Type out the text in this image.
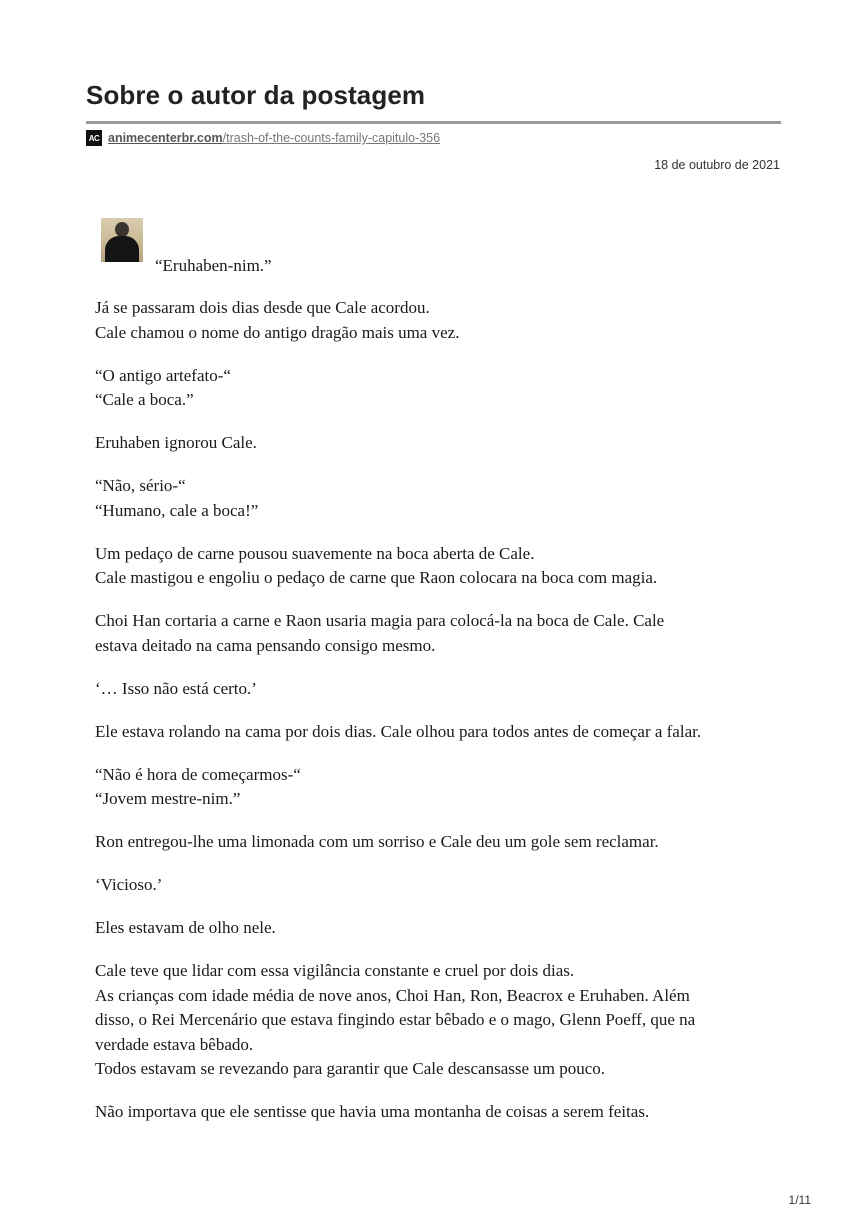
Sobre o autor da postagem
AC animecenterbr.com /trash-of-the-counts-family-capitulo-356
18 de outubro de 2021

“Eruhaben-nim.”

Já se passaram dois dias desde que Cale acordou.
Cale chamou o nome do antigo dragão mais uma vez.

“O antigo artefato-“
“Cale a boca.”

Eruhaben ignorou Cale.

“Não, sério-“
“Humano, cale a boca!”

Um pedaço de carne pousou suavemente na boca aberta de Cale.
Cale mastigou e engoliu o pedaço de carne que Raon colocara na boca com magia.

Choi Han cortaria a carne e Raon usaria magia para colocá-la na boca de Cale. Cale
estava deitado na cama pensando consigo mesmo.

‘… Isso não está certo.’

Ele estava rolando na cama por dois dias. Cale olhou para todos antes de começar a falar.

“Não é hora de começarmos-“
“Jovem mestre-nim.”

Ron entregou-lhe uma limonada com um sorriso e Cale deu um gole sem reclamar.

‘Vicioso.’

Eles estavam de olho nele.

Cale teve que lidar com essa vigilância constante e cruel por dois dias.
As crianças com idade média de nove anos, Choi Han, Ron, Beacrox e Eruhaben. Além
disso, o Rei Mercenário que estava fingindo estar bêbado e o mago, Glenn Poeff, que na
verdade estava bêbado.
Todos estavam se revezando para garantir que Cale descansasse um pouco.

Não importava que ele sentisse que havia uma montanha de coisas a serem feitas.

1/11
